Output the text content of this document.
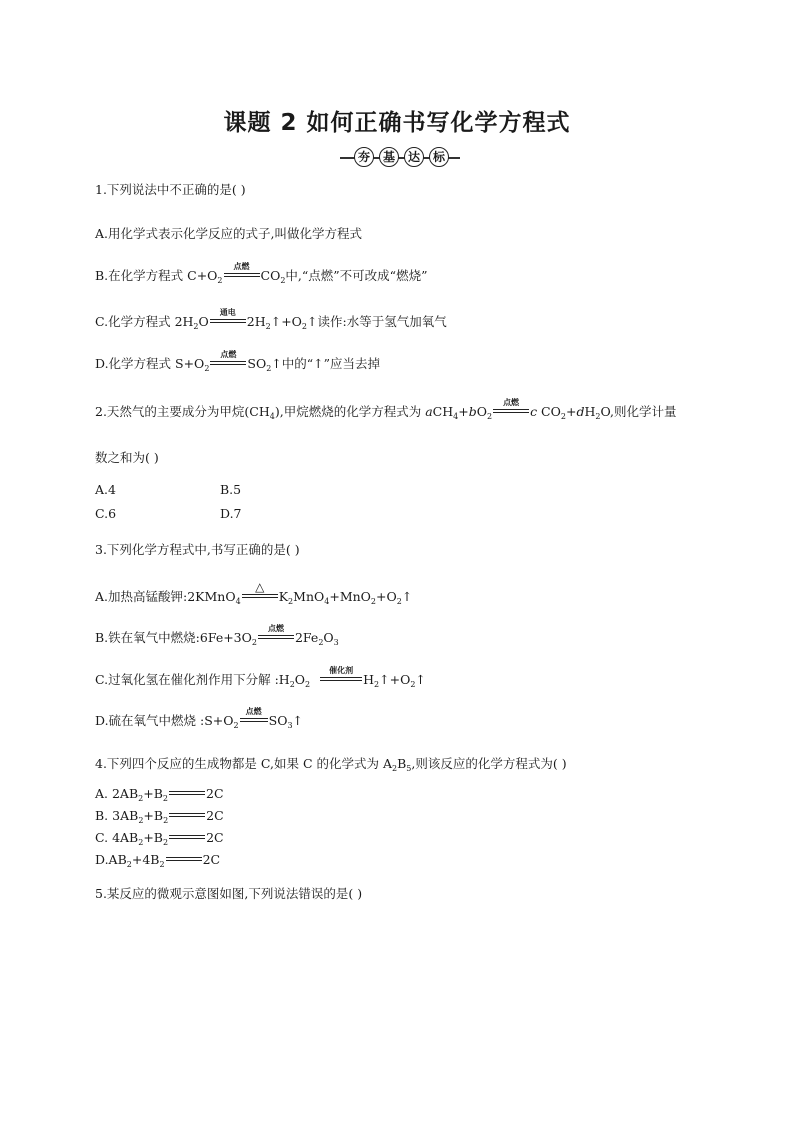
课题 2 如何正确书写化学方程式
夯	基	达	标
1.下列说法中不正确的是( )
A.用化学式表示化学反应的式子,叫做化学方程式
B.在化学方程式 $C+O_2$
点燃
$CO_2$中,“点燃”不可改成“燃烧”
C.化学方程式 $2H_2O$
通电
$2H_2↑+O_2↑$读作:水等于氢气加氧气
D.化学方程式 $S+O_2$
点燃
$SO_2↑$中的“↑”应当去掉
2.天然气的主要成分为甲烷$(CH_4)$,甲烷燃烧的化学方程式为 $aCH_4+bO_2$
点燃
c $CO_2+dH_2O$,则化学计量
数之和为( )
A.4	B.5
C.6	D.7
3.下列化学方程式中,书写正确的是( )
A.加热高锰酸钾:2KMnO$_4$
△
$K_2MnO_4+MnO_2+O_2↑$
B.铁在氧气中燃烧$:6Fe+3O_2$
点燃
$2Fe_2O_3$
C.过氧化氢在催化剂作用下分解 $:H_2O_2$
催化剂
$H_2↑+O_2↑$
D.硫在氧气中燃烧 $:S+O_2$
点燃
$SO_3↑$
4.下列四个反应的生成物都是 C,如果 C 的化学式为 $A_2B_5$,则该反应的化学方程式为( )
A. $2AB_2+B_2$	2C
B. $3AB_2+B_2$	2C
C. $4AB_2+B_2$	2C
$D.AB_2+4B_2$	2C
5.某反应的微观示意图如图,下列说法错误的是( )
